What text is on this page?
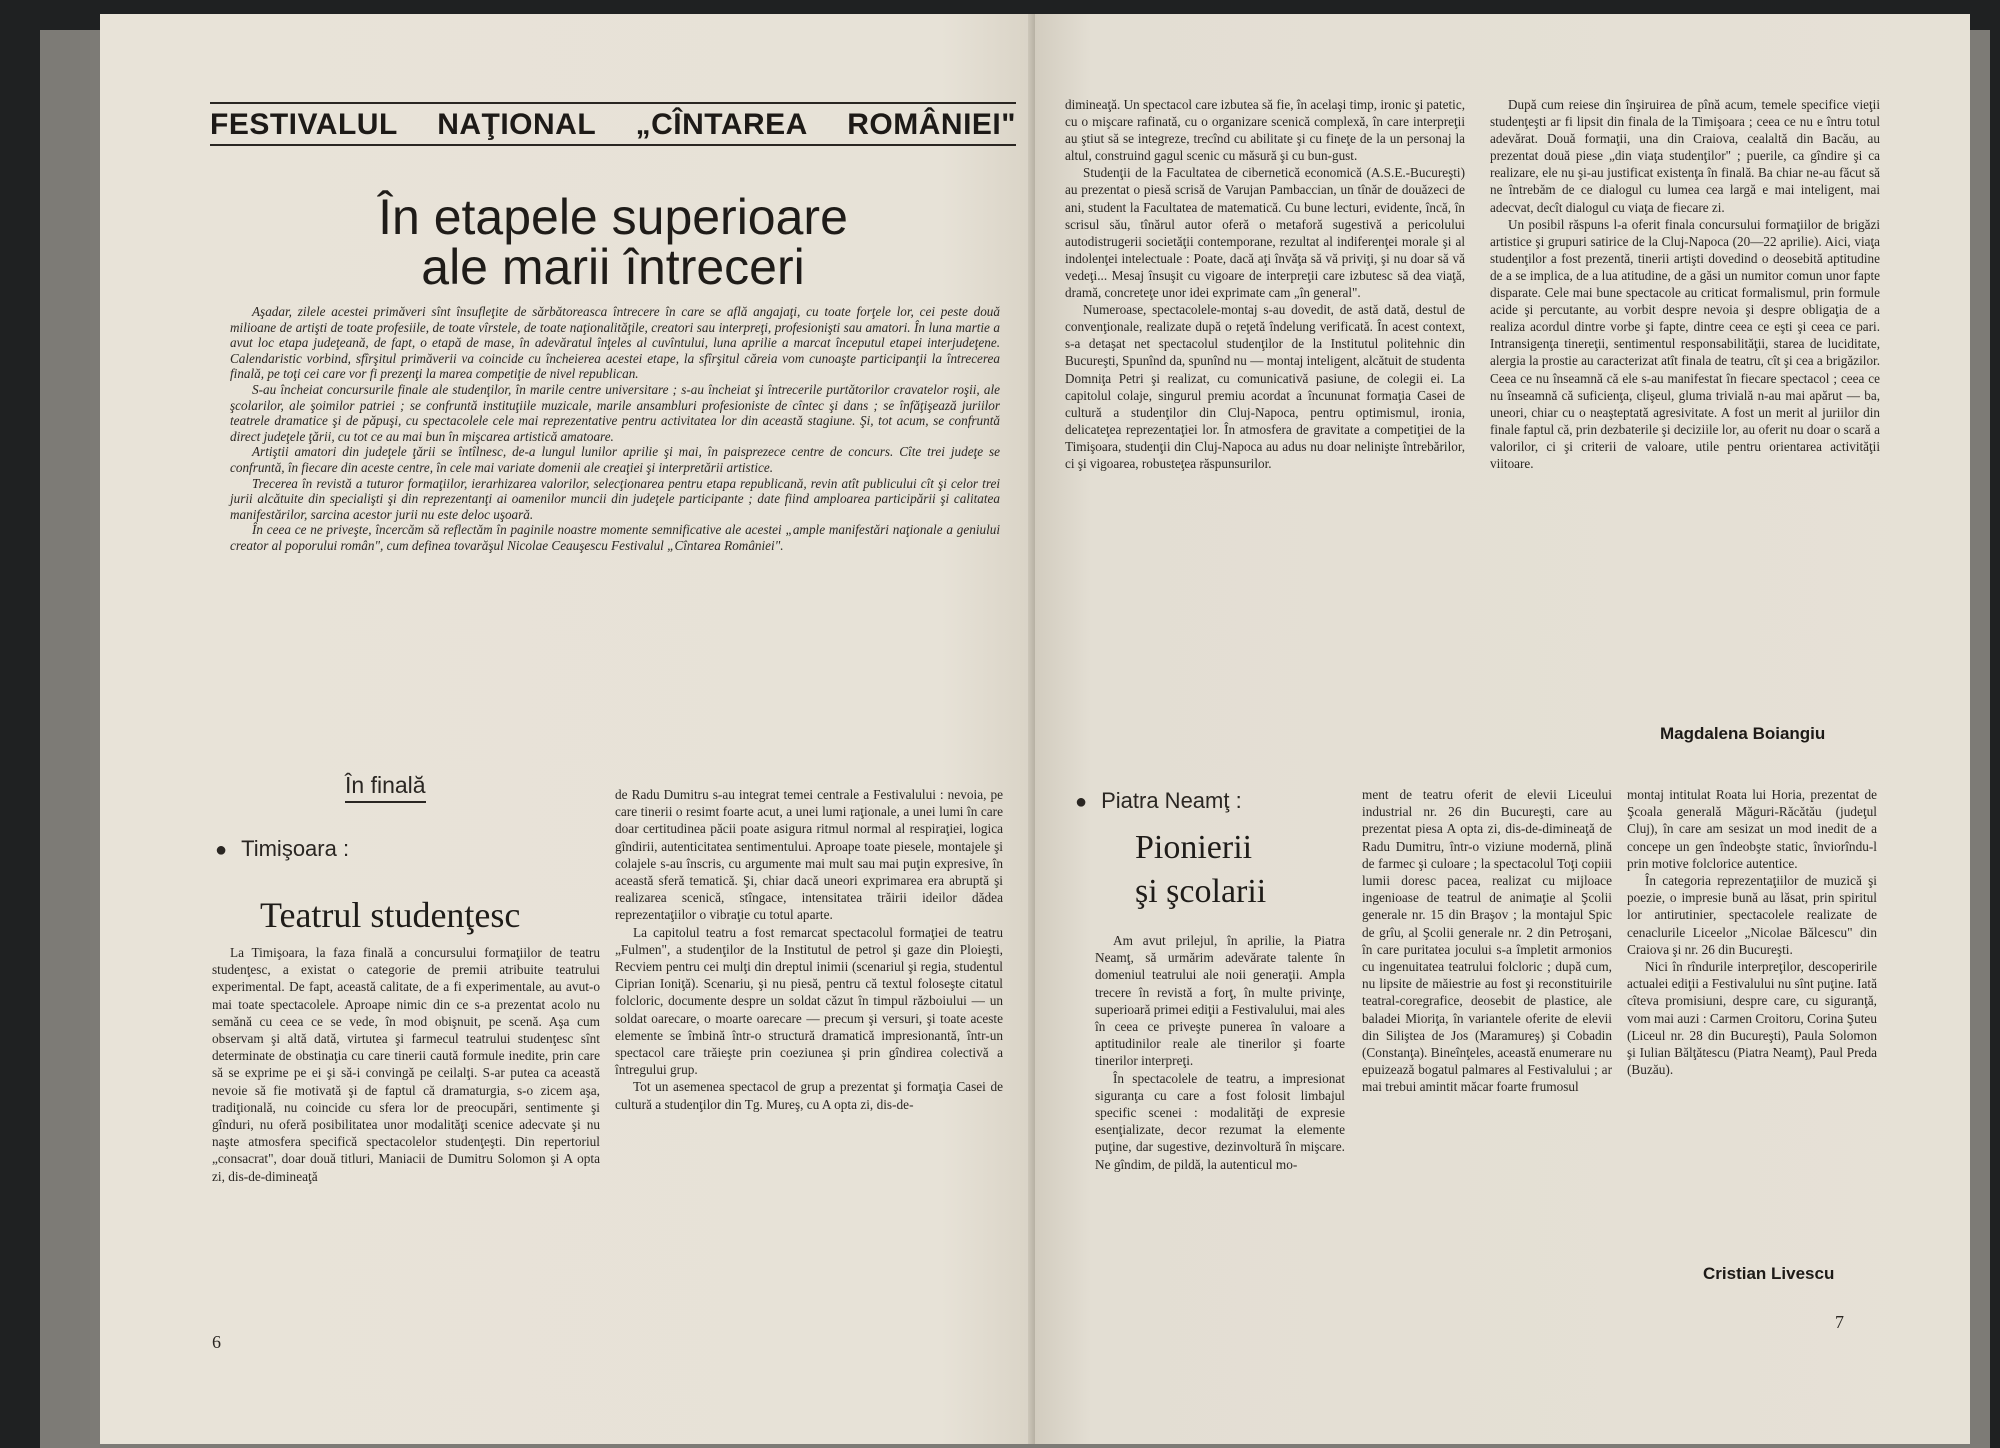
FESTIVALUL NAŢIONAL „CÎNTAREA ROMÂNIEI"
În etapele superioare
ale marii întreceri

Aşadar, zilele acestei primăveri sînt însufleţite de sărbătoreasca întrecere în care se află angajaţi, cu toate forţele lor, cei peste două milioane de artişti de toate profesiile, de toate vîrstele, de toate naţionalităţile, creatori sau interpreţi, profesionişti sau amatori. În luna martie a avut loc etapa judeţeană, de fapt, o etapă de mase, în adevăratul înţeles al cuvîntului, luna aprilie a marcat începutul etapei interjudeţene. Calendaristic vorbind, sfîrşitul primăverii va coincide cu încheierea acestei etape, la sfîrşitul căreia vom cunoaşte participanţii la întrecerea finală, pe toţi cei care vor fi prezenţi la marea competiţie de nivel republican.

S-au încheiat concursurile finale ale studenţilor, în marile centre universitare ; s-au încheiat şi întrecerile purtătorilor cravatelor roşii, ale şcolarilor, ale şoimilor patriei ; se confruntă instituţiile muzicale, marile ansambluri profesioniste de cîntec şi dans ; se înfăţişează juriilor teatrele dramatice şi de păpuşi, cu spectacolele cele mai reprezentative pentru activitatea lor din această stagiune. Şi, tot acum, se confruntă direct judeţele ţării, cu tot ce au mai bun în mişcarea artistică amatoare.

Artiştii amatori din judeţele ţării se întîlnesc, de-a lungul lunilor aprilie şi mai, în paisprezece centre de concurs. Cîte trei judeţe se confruntă, în fiecare din aceste centre, în cele mai variate domenii ale creaţiei şi interpretării artistice.

Trecerea în revistă a tuturor formaţiilor, ierarhizarea valorilor, selecţionarea pentru etapa republicană, revin atît publicului cît şi celor trei jurii alcătuite din specialişti şi din reprezentanţi ai oamenilor muncii din judeţele participante ; date fiind amploarea participării şi calitatea manifestărilor, sarcina acestor jurii nu este deloc uşoară.

În ceea ce ne priveşte, încercăm să reflectăm în paginile noastre momente semnificative ale acestei „ample manifestări naţionale a geniului creator al poporului român", cum definea tovarăşul Nicolae Ceauşescu Festivalul „Cîntarea României".

În finală
● Timişoara :
Teatrul studenţesc

La Timişoara, la faza finală a concursului formaţiilor de teatru studenţesc, a existat o categorie de premii atribuite teatrului experimental. De fapt, această calitate, de a fi experimentale, au avut-o mai toate spectacolele. Aproape nimic din ce s-a prezentat acolo nu semănă cu ceea ce se vede, în mod obişnuit, pe scenă. Aşa cum observam şi altă dată, virtutea şi farmecul teatrului studenţesc sînt determinate de obstinaţia cu care tinerii caută formule inedite, prin care să se exprime pe ei şi să-i convingă pe ceilalţi. S-ar putea ca această nevoie să fie motivată şi de faptul că dramaturgia, s-o zicem aşa, tradiţională, nu coincide cu sfera lor de preocupări, sentimente şi gînduri, nu oferă posibilitatea unor modalităţi scenice adecvate şi nu naşte atmosfera specifică spectacolelor studenţeşti. Din repertoriul „consacrat", doar două titluri, Maniacii de Dumitru Solomon şi A opta zi, dis-de-dimineaţă

de Radu Dumitru s-au integrat temei centrale a Festivalului : nevoia, pe care tinerii o resimt foarte acut, a unei lumi raţionale, a unei lumi în care doar certitudinea păcii poate asigura ritmul normal al respiraţiei, logica gîndirii, autenticitatea sentimentului. Aproape toate piesele, montajele şi colajele s-au înscris, cu argumente mai mult sau mai puţin expresive, în această sferă tematică. Şi, chiar dacă uneori exprimarea era abruptă şi realizarea scenică, stîngace, intensitatea trăirii ideilor dădea reprezentaţiilor o vibraţie cu totul aparte.

La capitolul teatru a fost remarcat spectacolul formaţiei de teatru „Fulmen", a studenţilor de la Institutul de petrol şi gaze din Ploieşti, Recviem pentru cei mulţi din dreptul inimii (scenariul şi regia, studentul Ciprian Ioniţă). Scenariu, şi nu piesă, pentru că textul foloseşte citatul folcloric, documente despre un soldat căzut în timpul războiului — un soldat oarecare, o moarte oarecare — precum şi versuri, şi toate aceste elemente se îmbină într-o structură dramatică impresionantă, într-un spectacol care trăieşte prin coeziunea şi prin gîndirea colectivă a întregului grup.

Tot un asemenea spectacol de grup a prezentat şi formaţia Casei de cultură a studenţilor din Tg. Mureş, cu A opta zi, dis-de-

6

dimineaţă. Un spectacol care izbutea să fie, în acelaşi timp, ironic şi patetic, cu o mişcare rafinată, cu o organizare scenică complexă, în care interpreţii au ştiut să se integreze, trecînd cu abilitate şi cu fineţe de la un personaj la altul, construind gagul scenic cu măsură şi cu bun-gust.

Studenţii de la Facultatea de cibernetică economică (A.S.E.-Bucureşti) au prezentat o piesă scrisă de Varujan Pambaccian, un tînăr de douăzeci de ani, student la Facultatea de matematică. Cu bune lecturi, evidente, încă, în scrisul său, tînărul autor oferă o metaforă sugestivă a pericolului autodistrugerii societăţii contemporane, rezultat al indiferenţei morale şi al indolenţei intelectuale : Poate, dacă aţi învăţa să vă priviţi, şi nu doar să vă vedeţi... Mesaj însuşit cu vigoare de interpreţii care izbutesc să dea viaţă, dramă, concreteţe unor idei exprimate cam „în general".

Numeroase, spectacolele-montaj s-au dovedit, de astă dată, destul de convenţionale, realizate după o reţetă îndelung verificată. În acest context, s-a detaşat net spectacolul studenţilor de la Institutul politehnic din Bucureşti, Spunînd da, spunînd nu — montaj inteligent, alcătuit de studenta Domniţa Petri şi realizat, cu comunicativă pasiune, de colegii ei. La capitolul colaje, singurul premiu acordat a încununat formaţia Casei de cultură a studenţilor din Cluj-Napoca, pentru optimismul, ironia, delicateţea reprezentaţiei lor. În atmosfera de gravitate a competiţiei de la Timişoara, studenţii din Cluj-Napoca au adus nu doar nelinişte întrebărilor, ci şi vigoarea, robusteţea răspunsurilor.

După cum reiese din înşiruirea de pînă acum, temele specifice vieţii studenţeşti ar fi lipsit din finala de la Timişoara ; ceea ce nu e întru totul adevărat. Două formaţii, una din Craiova, cealaltă din Bacău, au prezentat două piese „din viaţa studenţilor" ; puerile, ca gîndire şi ca realizare, ele nu şi-au justificat existenţa în finală. Ba chiar ne-au făcut să ne întrebăm de ce dialogul cu lumea cea largă e mai inteligent, mai adecvat, decît dialogul cu viaţa de fiecare zi.

Un posibil răspuns l-a oferit finala concursului formaţiilor de brigăzi artistice şi grupuri satirice de la Cluj-Napoca (20—22 aprilie). Aici, viaţa studenţilor a fost prezentă, tinerii artişti dovedind o deosebită aptitudine de a se implica, de a lua atitudine, de a găsi un numitor comun unor fapte disparate. Cele mai bune spectacole au criticat formalismul, prin formule acide şi percutante, au vorbit despre nevoia şi despre obligaţia de a realiza acordul dintre vorbe şi fapte, dintre ceea ce eşti şi ceea ce pari. Intransigenţa tinereţii, sentimentul responsabilităţii, starea de luciditate, alergia la prostie au caracterizat atît finala de teatru, cît şi cea a brigăzilor. Ceea ce nu înseamnă că ele s-au manifestat în fiecare spectacol ; ceea ce nu înseamnă că suficienţa, clişeul, gluma trivială n-au mai apărut — ba, uneori, chiar cu o neaşteptată agresivitate. A fost un merit al juriilor din finale faptul că, prin dezbaterile şi deciziile lor, au oferit nu doar o scară a valorilor, ci şi criterii de valoare, utile pentru orientarea activităţii viitoare.

Magdalena Boiangiu
● Piatra Neamţ :
Pionierii
şi şcolarii

Am avut prilejul, în aprilie, la Piatra Neamţ, să urmărim adevărate talente în domeniul teatrului ale noii generaţii. Ampla trecere în revistă a forţ, în multe privinţe, superioară primei ediţii a Festivalului, mai ales în ceea ce priveşte punerea în valoare a aptitudinilor reale ale tinerilor şi foarte tinerilor interpreţi.

În spectacolele de teatru, a impresionat siguranţa cu care a fost folosit limbajul specific scenei : modalităţi de expresie esenţializate, decor rezumat la elemente puţine, dar sugestive, dezinvoltură în mişcare. Ne gîndim, de pildă, la autenticul mo-

ment de teatru oferit de elevii Liceului industrial nr. 26 din Bucureşti, care au prezentat piesa A opta zi, dis-de-dimineaţă de Radu Dumitru, într-o viziune modernă, plină de farmec şi culoare ; la spectacolul Toţi copiii lumii doresc pacea, realizat cu mijloace ingenioase de teatrul de animaţie al Şcolii generale nr. 15 din Braşov ; la montajul Spic de grîu, al Şcolii generale nr. 2 din Petroşani, în care puritatea jocului s-a împletit armonios cu ingenuitatea teatrului folcloric ; după cum, nu lipsite de măiestrie au fost şi reconstituirile teatral-coregrafice, deosebit de plastice, ale baladei Mioriţa, în variantele oferite de elevii din Siliştea de Jos (Maramureş) şi Cobadin (Constanţa). Bineînţeles, această enumerare nu epuizează bogatul palmares al Festivalului ; ar mai trebui amintit măcar foarte frumosul

montaj intitulat Roata lui Horia, prezentat de Şcoala generală Măguri-Răcătău (judeţul Cluj), în care am sesizat un mod inedit de a concepe un gen îndeobşte static, înviorîndu-l prin motive folclorice autentice.

În categoria reprezentaţiilor de muzică şi poezie, o impresie bună au lăsat, prin spiritul lor antirutinier, spectacolele realizate de cenaclurile Liceelor „Nicolae Bălcescu" din Craiova şi nr. 26 din Bucureşti.

Nici în rîndurile interpreţilor, descoperirile actualei ediţii a Festivalului nu sînt puţine. Iată cîteva promisiuni, despre care, cu siguranţă, vom mai auzi : Carmen Croitoru, Corina Şuteu (Liceul nr. 28 din Bucureşti), Paula Solomon şi Iulian Bălţătescu (Piatra Neamţ), Paul Preda (Buzău).

Cristian Livescu
7
